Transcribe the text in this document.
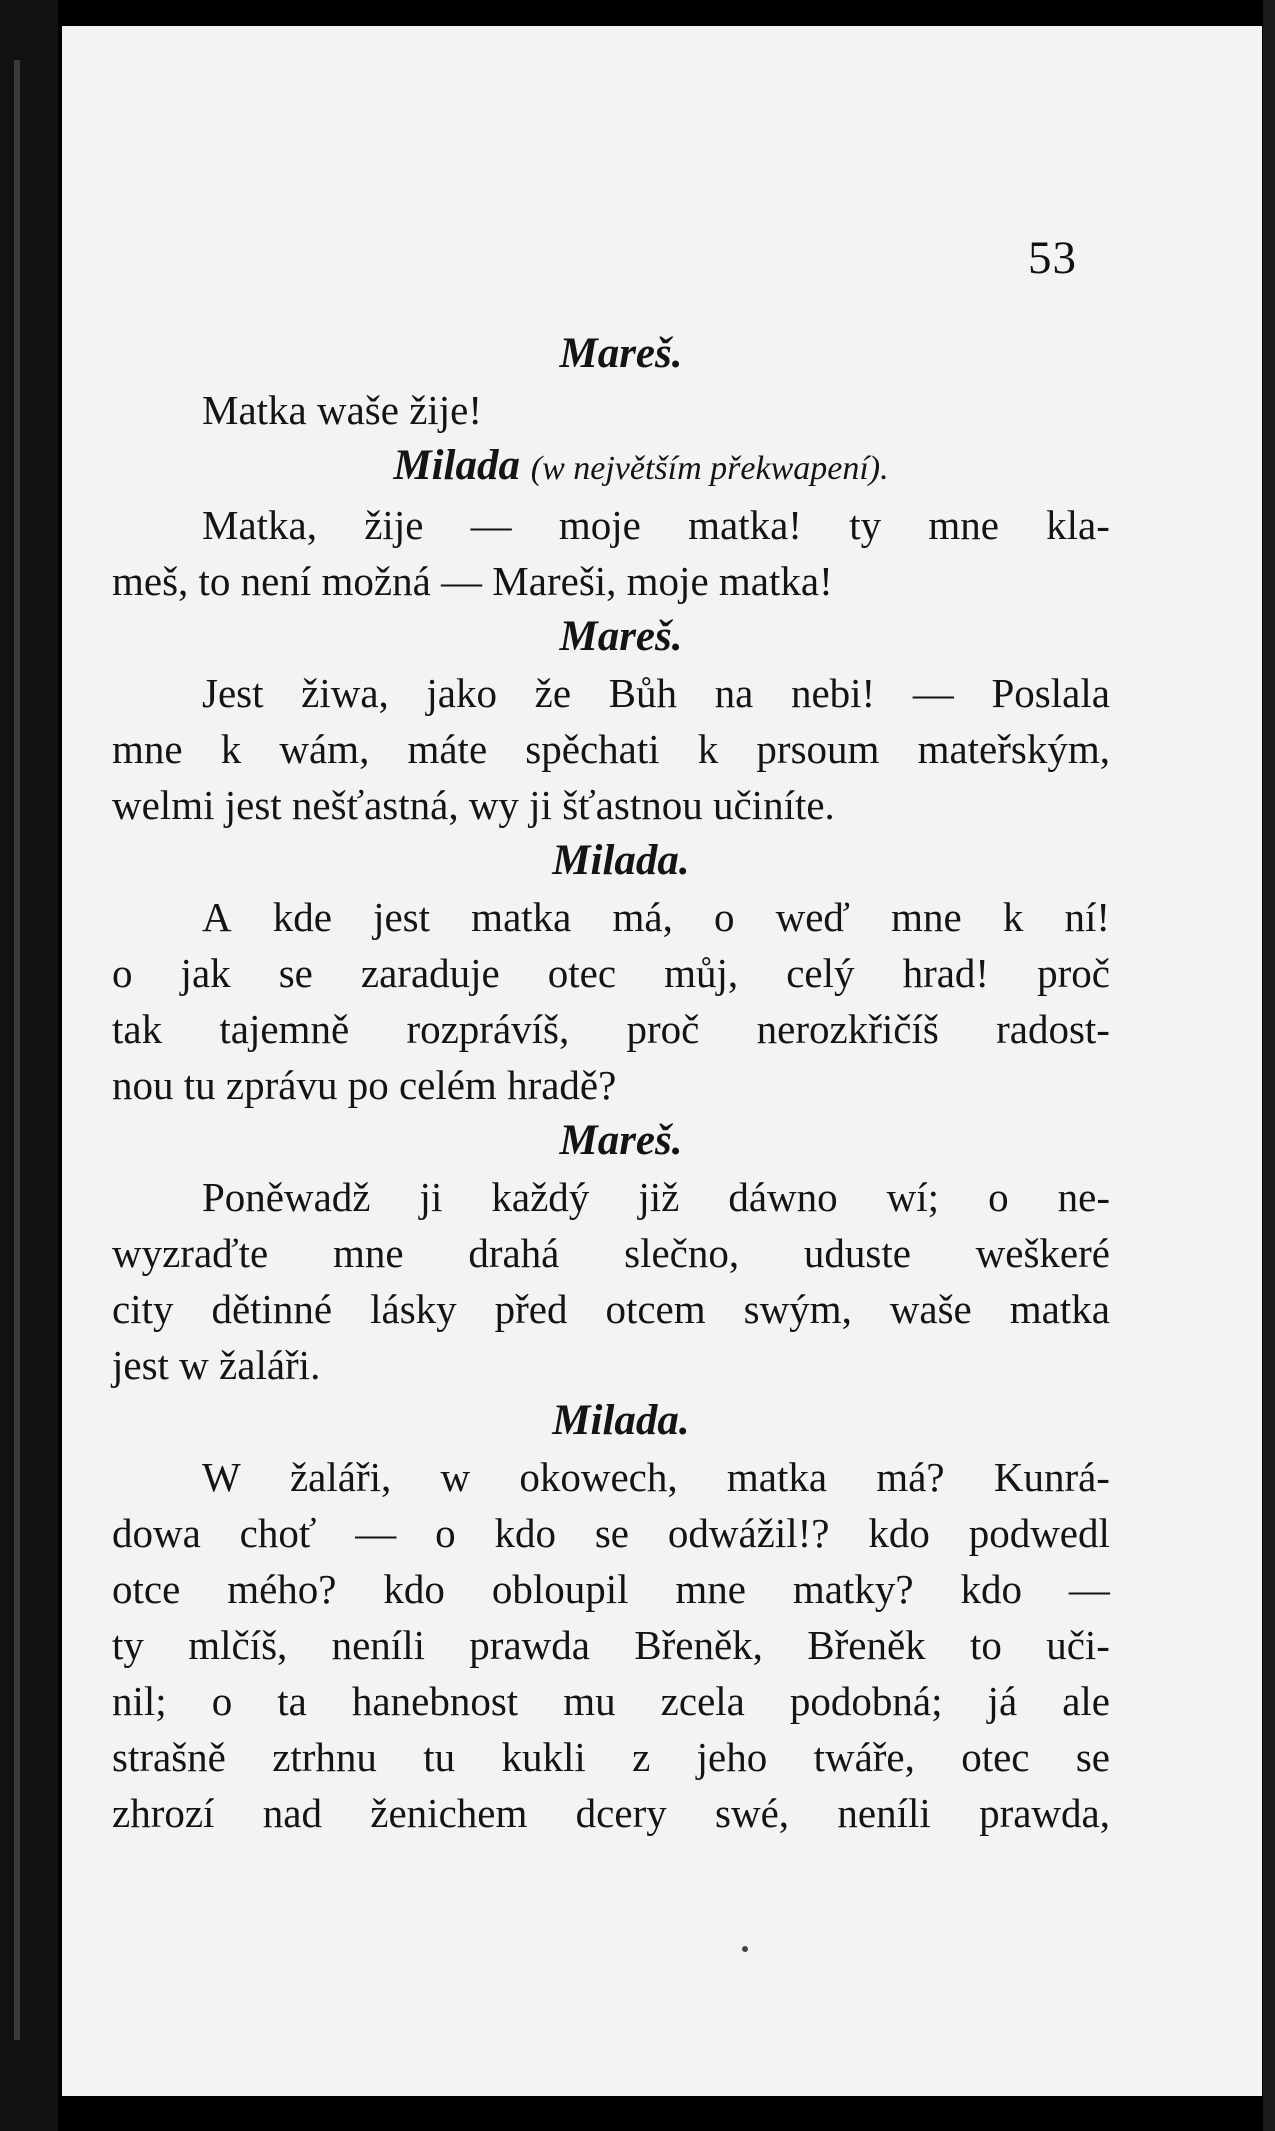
53

Mareš.

Matka waše žije!

Milada (w největším překwapení).

Matka, žije — moje matka! ty mne kla-

meš, to není možná — Mareši, moje matka!

Mareš.

Jest žiwa, jako že Bůh na nebi! — Poslala

mne k wám, máte spěchati k prsoum mateřským,

welmi jest nešťastná, wy ji šťastnou učiníte.

Milada.

A kde jest matka má, o weď mne k ní!

o jak se zaraduje otec můj, celý hrad! proč

tak tajemně rozprávíš, proč nerozkřičíš radost-

nou tu zprávu po celém hradě?

Mareš.

Poněwadž ji každý již dáwno wí; o ne-

wyzraďte mne drahá slečno, uduste weškeré

city dětinné lásky před otcem swým, waše matka

jest w žaláři.

Milada.

W žaláři, w okowech, matka má? Kunrá-

dowa choť — o kdo se odwážil!? kdo podwedl

otce mého? kdo obloupil mne matky? kdo —

ty mlčíš, neníli prawda Břeněk, Břeněk to uči-

nil; o ta hanebnost mu zcela podobná; já ale

strašně ztrhnu tu kukli z jeho twáře, otec se

zhrozí nad ženichem dcery swé, neníli prawda,
